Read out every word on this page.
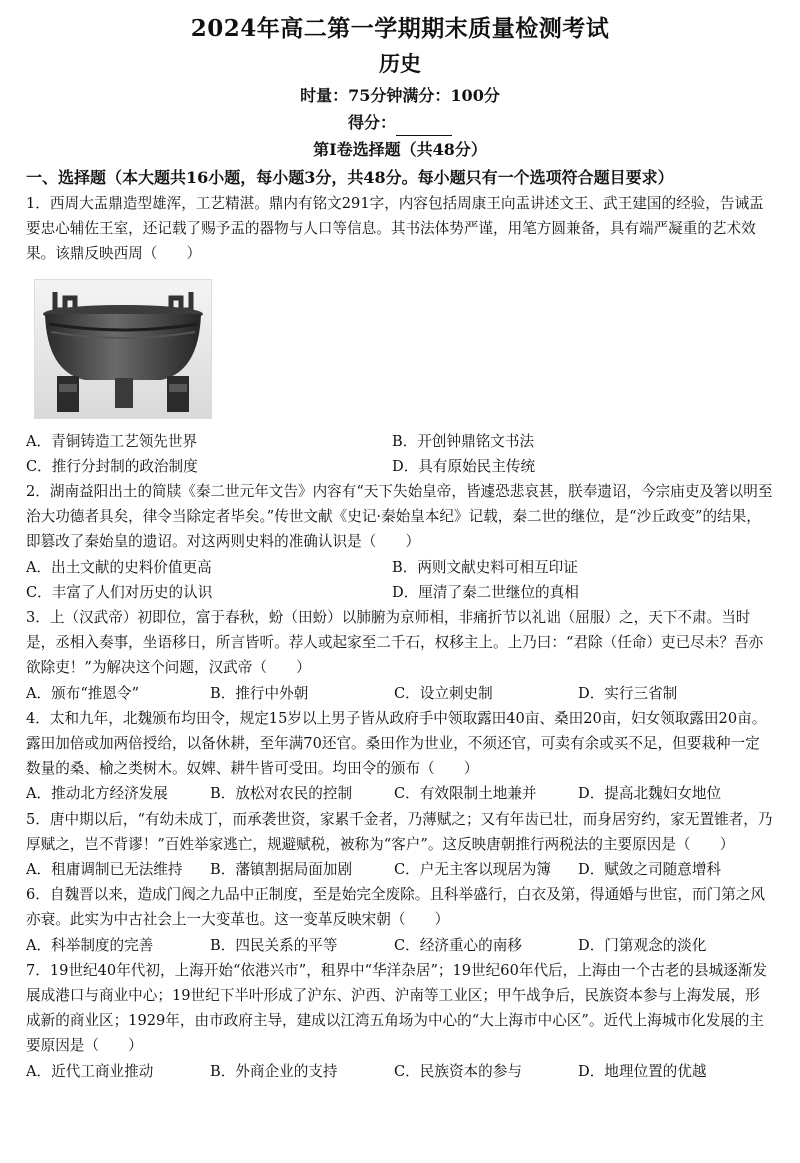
2024年高二第一学期期末质量检测考试
历史
时量：75分钟满分：100分
得分：
第Ⅰ卷选择题（共48分）
一、选择题（本大题共16小题，每小题3分，共48分。每小题只有一个选项符合题目要求）
1．西周大盂鼎造型雄浑，工艺精湛。鼎内有铭文291字，内容包括周康王向盂讲述文王、武王建国的经验，告诫盂要忠心辅佐王室，还记载了赐予盂的器物与人口等信息。其书法体势严谨，用笔方圆兼备，具有端严凝重的艺术效果。该鼎反映西周（　　）
A．青铜铸造工艺领先世界	B．开创钟鼎铭文书法
C．推行分封制的政治制度	D．具有原始民主传统
2．湖南益阳出土的简牍《秦二世元年文告》内容有“天下失始皇帝，皆遽恐悲哀甚，朕奉遗诏，今宗庙吏及箸以明至治大功德者具矣，律令当除定者毕矣。”传世文献《史记·秦始皇本纪》记载，秦二世的继位，是“沙丘政变”的结果，即篡改了秦始皇的遗诏。对这两则史料的准确认识是（　　）
A．出土文献的史料价值更高	B．两则文献史料可相互印证
C．丰富了人们对历史的认识	D．厘清了秦二世继位的真相
3．上（汉武帝）初即位，富于春秋，蚡（田蚡）以肺腑为京师相，非痛折节以礼诎（屈服）之，天下不肃。当时是，丞相入奏事，坐语移日，所言皆听。荐人或起家至二千石，权移主上。上乃曰：“君除（任命）吏已尽未？吾亦欲除吏！”为解决这个问题，汉武帝（　　）
A．颁布“推恩令”	B．推行中外朝	C．设立刺史制	D．实行三省制
4．太和九年，北魏颁布均田令，规定15岁以上男子皆从政府手中领取露田40亩、桑田20亩，妇女领取露田20亩。露田加倍或加两倍授给，以备休耕，至年满70还官。桑田作为世业，不须还官，可卖有余或买不足，但要栽种一定数量的桑、榆之类树木。奴婢、耕牛皆可受田。均田令的颁布（　　）
A．推动北方经济发展	B．放松对农民的控制	C．有效限制土地兼并	D．提高北魏妇女地位
5．唐中期以后，“有幼未成丁，而承袭世资，家累千金者，乃薄赋之；又有年齿已壮，而身居穷约，家无置锥者，乃厚赋之，岂不背谬！”百姓举家逃亡，规避赋税，被称为“客户”。这反映唐朝推行两税法的主要原因是（　　）
A．租庸调制已无法维持	B．藩镇割据局面加剧	C．户无主客以现居为簿	D．赋敛之司随意增科
6．自魏晋以来，造成门阀之九品中正制度，至是始完全废除。且科举盛行，白衣及第，得通婚与世宦，而门第之风亦衰。此实为中古社会上一大变革也。这一变革反映宋朝（　　）
A．科举制度的完善	B．四民关系的平等	C．经济重心的南移	D．门第观念的淡化
7．19世纪40年代初，上海开始“依港兴市”，租界中“华洋杂居”；19世纪60年代后，上海由一个古老的县城逐渐发展成港口与商业中心；19世纪下半叶形成了沪东、沪西、沪南等工业区；甲午战争后，民族资本参与上海发展，形成新的商业区；1929年，由市政府主导，建成以江湾五角场为中心的“大上海市中心区”。近代上海城市化发展的主要原因是（　　）
A．近代工商业推动	B．外商企业的支持	C．民族资本的参与	D．地理位置的优越
